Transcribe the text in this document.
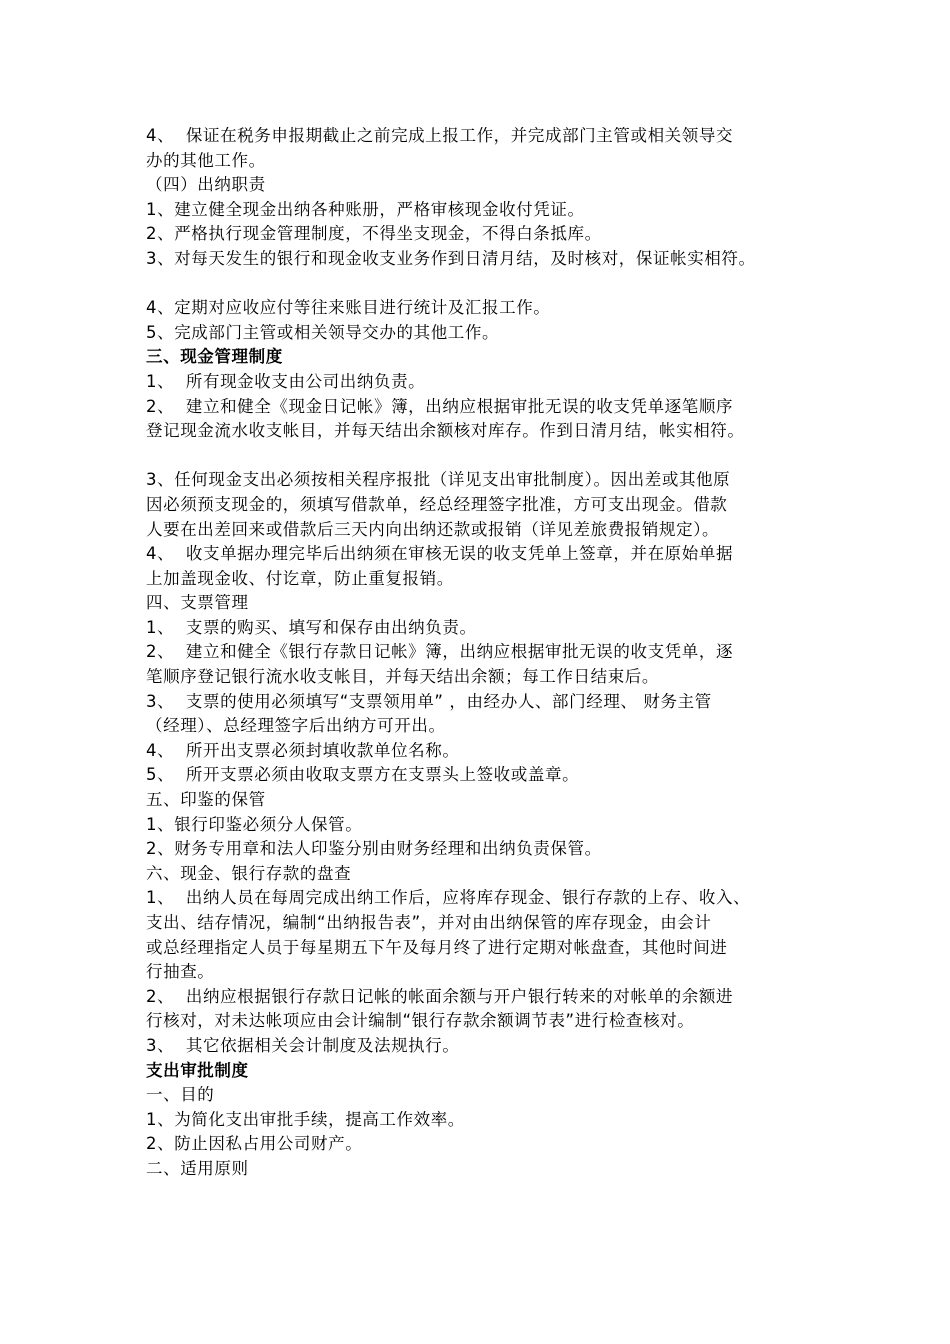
4、  保证在税务申报期截止之前完成上报工作，并完成部门主管或相关领导交
办的其他工作。
（四）出纳职责
1、建立健全现金出纳各种账册，严格审核现金收付凭证。
2、严格执行现金管理制度，不得坐支现金，不得白条抵库。
3、对每天发生的银行和现金收支业务作到日清月结，及时核对，保证帐实相符。
4、定期对应收应付等往来账目进行统计及汇报工作。
5、完成部门主管或相关领导交办的其他工作。
三、现金管理制度
1、  所有现金收支由公司出纳负责。
2、  建立和健全《现金日记帐》簿，出纳应根据审批无误的收支凭单逐笔顺序
登记现金流水收支帐目，并每天结出余额核对库存。作到日清月结，帐实相符。
3、任何现金支出必须按相关程序报批（详见支出审批制度）。因出差或其他原
因必须预支现金的，须填写借款单，经总经理签字批准，方可支出现金。借款
人要在出差回来或借款后三天内向出纳还款或报销（详见差旅费报销规定）。
4、  收支单据办理完毕后出纳须在审核无误的收支凭单上签章，并在原始单据
上加盖现金收、付讫章，防止重复报销。
四、支票管理
1、  支票的购买、填写和保存由出纳负责。
2、  建立和健全《银行存款日记帐》簿，出纳应根据审批无误的收支凭单，逐
笔顺序登记银行流水收支帐目，并每天结出余额；每工作日结束后。
3、  支票的使用必须填写“支票领用单” ，由经办人、部门经理、 财务主管
（经理）、总经理签字后出纳方可开出。
4、  所开出支票必须封填收款单位名称。
5、  所开支票必须由收取支票方在支票头上签收或盖章。
五、印鉴的保管
1、银行印鉴必须分人保管。
2、财务专用章和法人印鉴分别由财务经理和出纳负责保管。
六、现金、银行存款的盘查
1、  出纳人员在每周完成出纳工作后，应将库存现金、银行存款的上存、收入、
支出、结存情况，编制“出纳报告表”，并对由出纳保管的库存现金，由会计
或总经理指定人员于每星期五下午及每月终了进行定期对帐盘查，其他时间进
行抽查。
2、  出纳应根据银行存款日记帐的帐面余额与开户银行转来的对帐单的余额进
行核对，对未达帐项应由会计编制“银行存款余额调节表”进行检查核对。
3、  其它依据相关会计制度及法规执行。
支出审批制度
一、目的
1、为简化支出审批手续，提高工作效率。
2、防止因私占用公司财产。
二、适用原则
